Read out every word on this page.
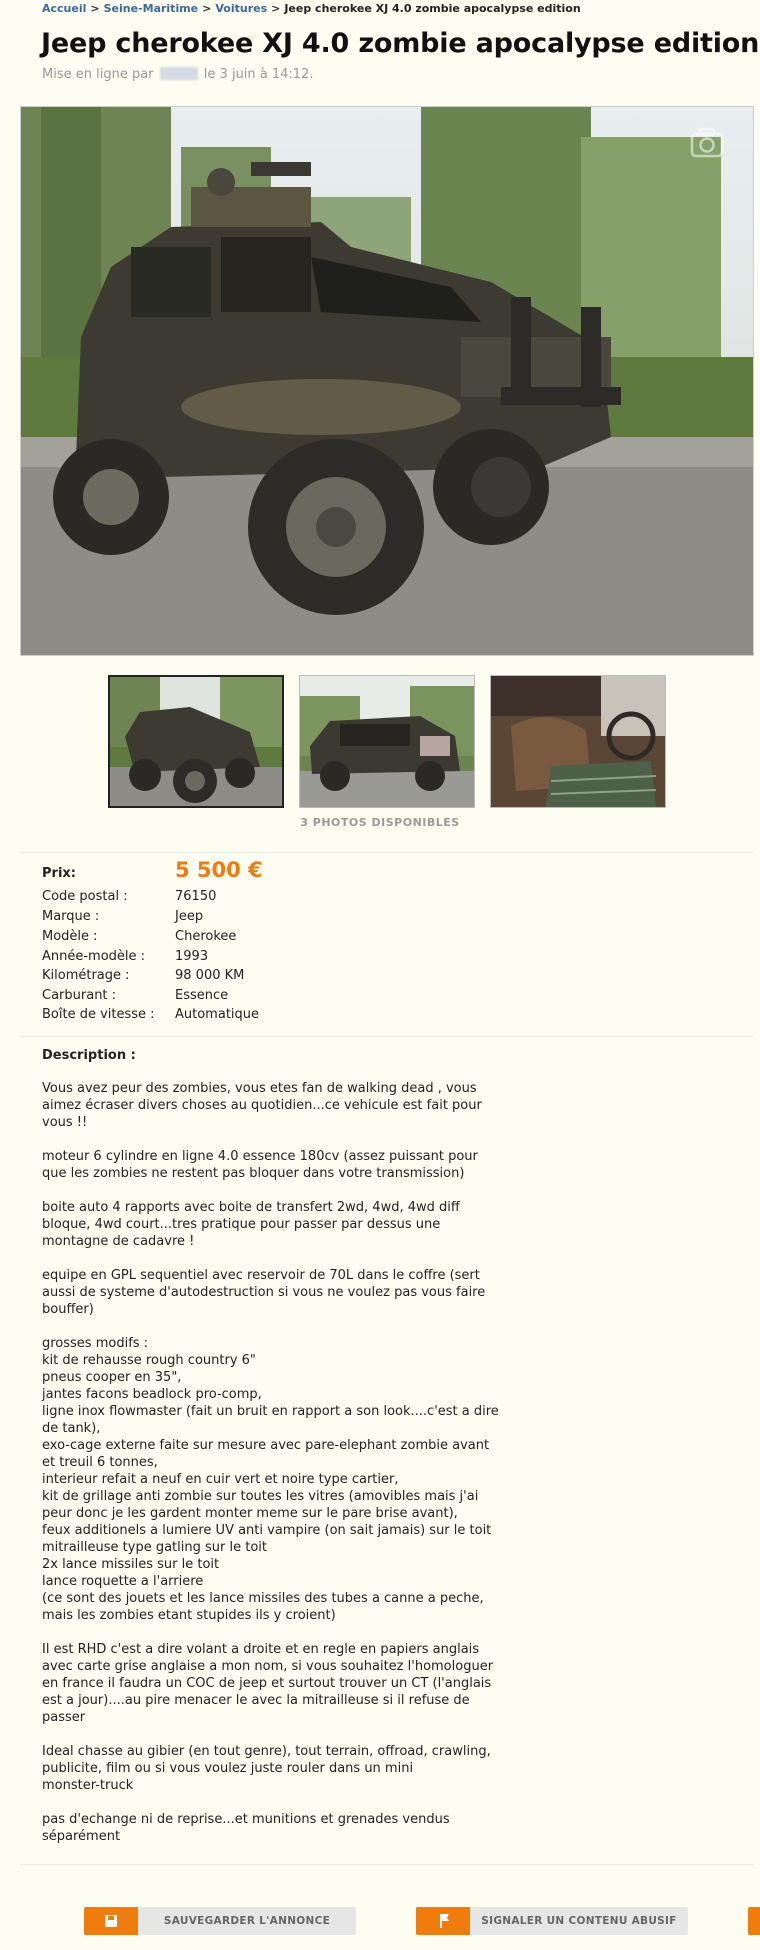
Accueil > Seine-Maritime > Voitures > Jeep cherokee XJ 4.0 zombie apocalypse edition
Jeep cherokee XJ 4.0 zombie apocalypse edition
Mise en ligne par	le 3 juin à 14:12.
3 PHOTOS DISPONIBLES
Prix:	5 500 €
Code postal :	76150
Marque :	Jeep
Modèle :	Cherokee
Année-modèle : 1993
Kilométrage :	98 000 KM
Carburant :	Essence
Boîte de vitesse : Automatique
Description :

Vous avez peur des zombies, vous etes fan de walking dead , vous
aimez écraser divers choses au quotidien...ce vehicule est fait pour
vous !!

moteur 6 cylindre en ligne 4.0 essence 180cv (assez puissant pour
que les zombies ne restent pas bloquer dans votre transmission)

boite auto 4 rapports avec boite de transfert 2wd, 4wd, 4wd diff
bloque, 4wd court...tres pratique pour passer par dessus une
montagne de cadavre !

equipe en GPL sequentiel avec reservoir de 70L dans le coffre (sert
aussi de systeme d'autodestruction si vous ne voulez pas vous faire
bouffer)

grosses modifs :
kit de rehausse rough country 6"
pneus cooper en 35",
jantes facons beadlock pro-comp,
ligne inox flowmaster (fait un bruit en rapport a son look....c'est a dire
de tank),
exo-cage externe faite sur mesure avec pare-elephant zombie avant
et treuil 6 tonnes,
interieur refait a neuf en cuir vert et noire type cartier,
kit de grillage anti zombie sur toutes les vitres (amovibles mais j'ai
peur donc je les gardent monter meme sur le pare brise avant),
feux additionels a lumiere UV anti vampire (on sait jamais) sur le toit
mitrailleuse type gatling sur le toit
2x lance missiles sur le toit
lance roquette a l'arriere
(ce sont des jouets et les lance missiles des tubes a canne a peche,
mais les zombies etant stupides ils y croient)

Il est RHD c'est a dire volant a droite et en regle en papiers anglais
avec carte grise anglaise a mon nom, si vous souhaitez l'homologuer
en france il faudra un COC de jeep et surtout trouver un CT (l'anglais
est a jour)....au pire menacer le avec la mitrailleuse si il refuse de
passer

Ideal chasse au gibier (en tout genre), tout terrain, offroad, crawling,
publicite, film ou si vous voulez juste rouler dans un mini
monster-truck

pas d'echange ni de reprise...et munitions et grenades vendus
séparément

SAUVEGARDER L'ANNONCE	SIGNALER UN CONTENU ABUSIF
